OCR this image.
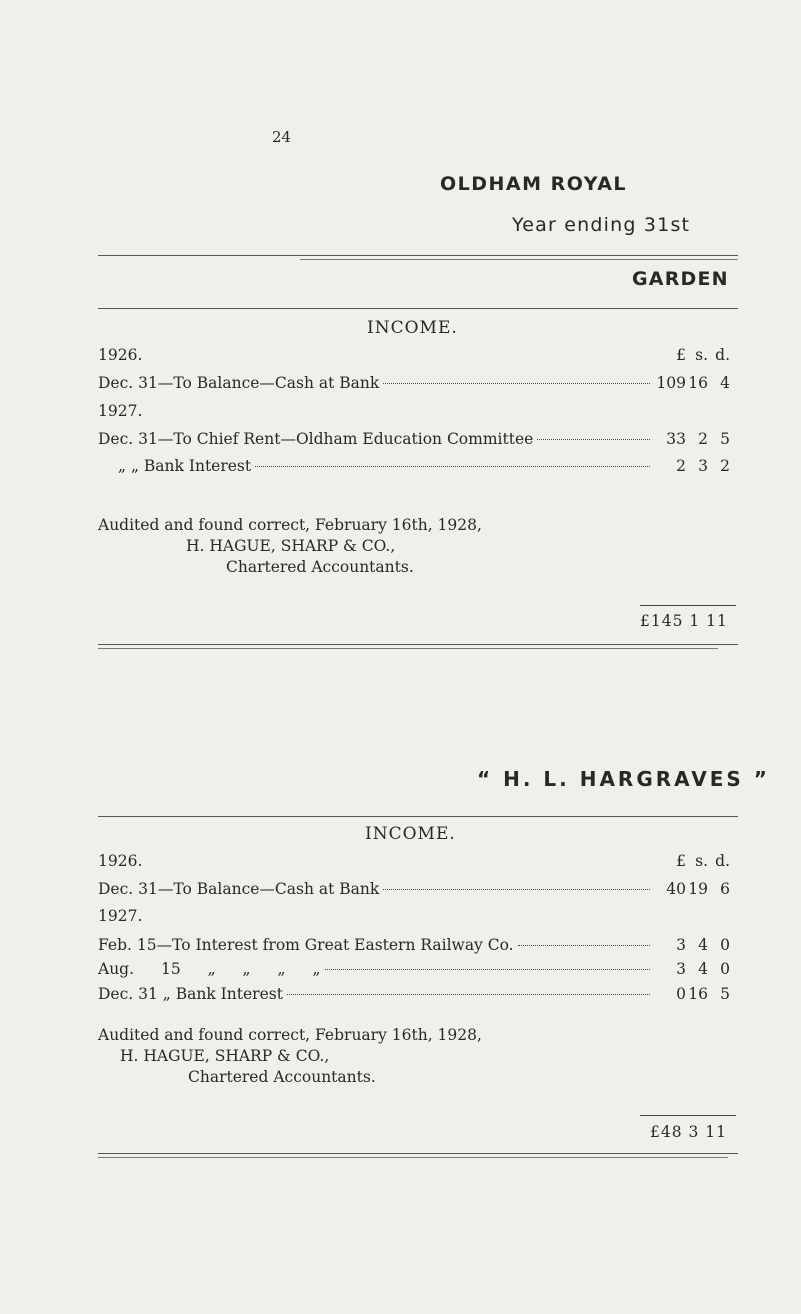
24
OLDHAM ROYAL
Year ending 31st
GARDEN
INCOME.
1926.	£ s. d.
Dec. 31—To Balance—Cash at Bank	109 16 4
1927.
Dec. 31—To Chief Rent—Oldham Education Committee	33 2 5
„ „ Bank Interest	2 3 2
Audited and found correct, February 16th, 1928,
H. HAGUE, SHARP & CO.,
Chartered Accountants.
£145 1 11
“ H. L. HARGRAVES ”
INCOME.
1926.	£ s. d.
Dec. 31—To Balance—Cash at Bank	40 19 6
1927.
Feb. 15—To Interest from Great Eastern Railway Co.	3 4 0
Aug. 15 „ „ „ „	3 4 0
Dec. 31 „ Bank Interest	0 16 5
Audited and found correct, February 16th, 1928,
H. HAGUE, SHARP & CO.,
Chartered Accountants.
£48 3 11
